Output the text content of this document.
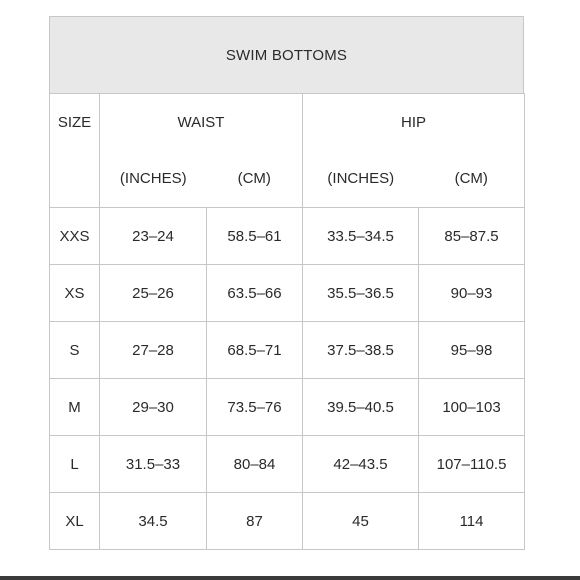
SWIM BOTTOMS
SIZE	WAIST		HIP	
	(INCHES)	(CM)	(INCHES)	(CM)
XXS	23–24	58.5–61	33.5–34.5	85–87.5
XS	25–26	63.5–66	35.5–36.5	90–93
S	27–28	68.5–71	37.5–38.5	95–98
M	29–30	73.5–76	39.5–40.5	100–103
L	31.5–33	80–84	42–43.5	107–110.5
XL	34.5	87	45	114
